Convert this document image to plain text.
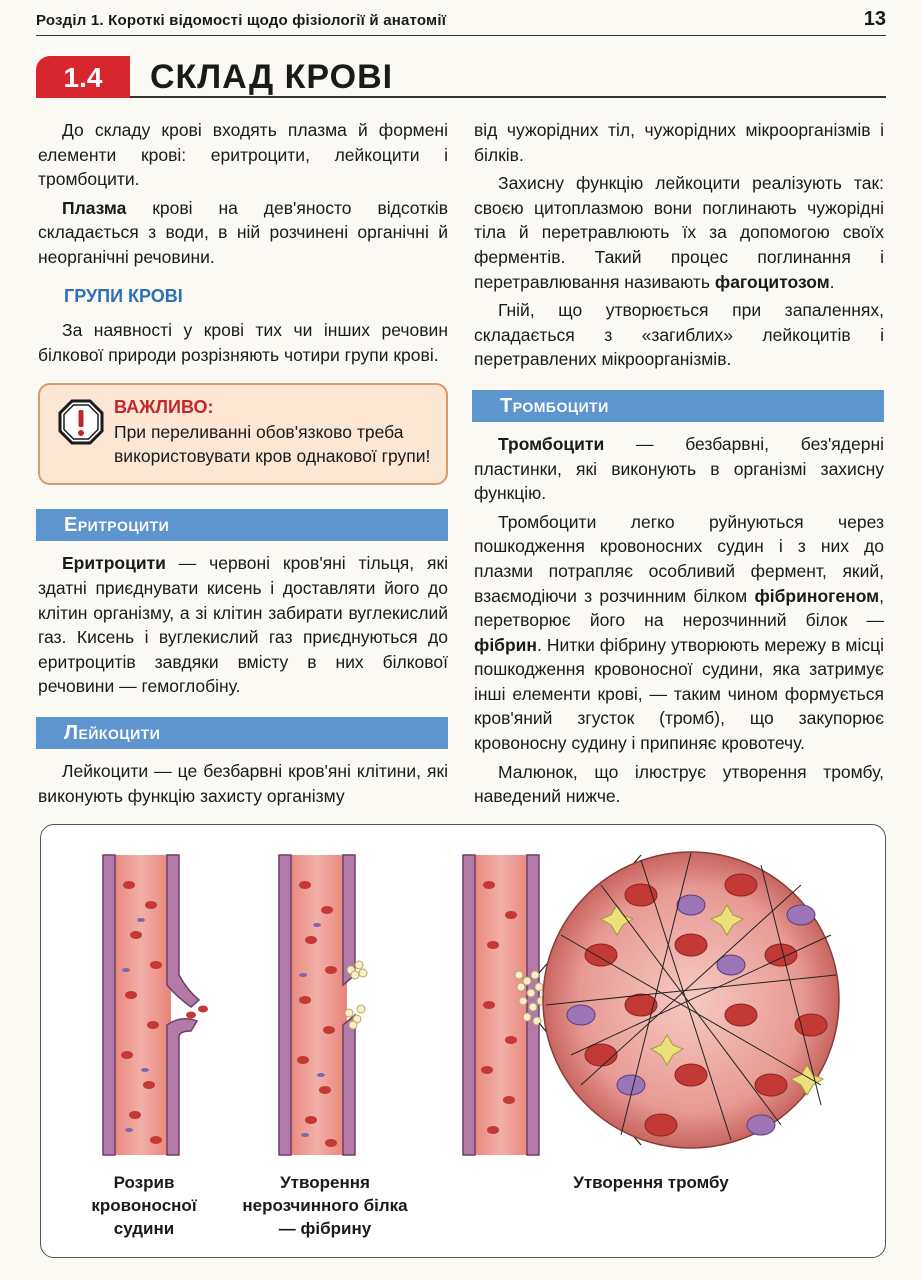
Розділ 1. Короткі відомості щодо фізіології й анатомії	13
1.4	СКЛАД КРОВІ

До складу крові входять плазма й формені елементи крові: еритроцити, лейкоцити і тромбоцити.

Плазма крові на дев'яносто відсотків складається з води, в ній розчинені органічні й неорганічні речовини.

ГРУПИ КРОВІ

За наявності у крові тих чи інших речовин білкової природи розрізняють чотири групи крові.

ВАЖЛИВО:
При переливанні обов'язково треба використовувати кров однакової групи!
Еритроцити

Еритроцити — червоні кров'яні тільця, які здатні приєднувати кисень і доставляти його до клітин організму, а зі клітин забирати вуглекислий газ. Кисень і вуглекислий газ приєднуються до еритроцитів завдяки вмісту в них білкової речовини — гемоглобіну.

Лейкоцити

Лейкоцити — це безбарвні кров'яні клітини, які виконують функцію захисту організму

від чужорідних тіл, чужорідних мікроорганізмів і білків.

Захисну функцію лейкоцити реалізують так: своєю цитоплазмою вони поглинають чужорідні тіла й перетравлюють їх за допомогою своїх ферментів. Такий процес поглинання і перетравлювання називають фагоцитозом.

Гній, що утворюється при запаленнях, складається з «загиблих» лейкоцитів і перетравлених мікроорганізмів.

Тромбоцити

Тромбоцити — безбарвні, без'ядерні пластинки, які виконують в організмі захисну функцію.

Тромбоцити легко руйнуються через пошкодження кровоносних судин і з них до плазми потрапляє особливий фермент, який, взаємодіючи з розчинним білком фібриногеном, перетворює його на нерозчинний білок — фібрин. Нитки фібрину утворюють мережу в місці пошкодження кровоносної судини, яка затримує інші елементи крові, — таким чином формується кров'яний згусток (тромб), що закупорює кровоносну судину і припиняє кровотечу.

Малюнок, що ілюструє утворення тромбу, наведений нижче.

Розрив кровоносної судини
Утворення нерозчинного білка — фібрину
Утворення тромбу
